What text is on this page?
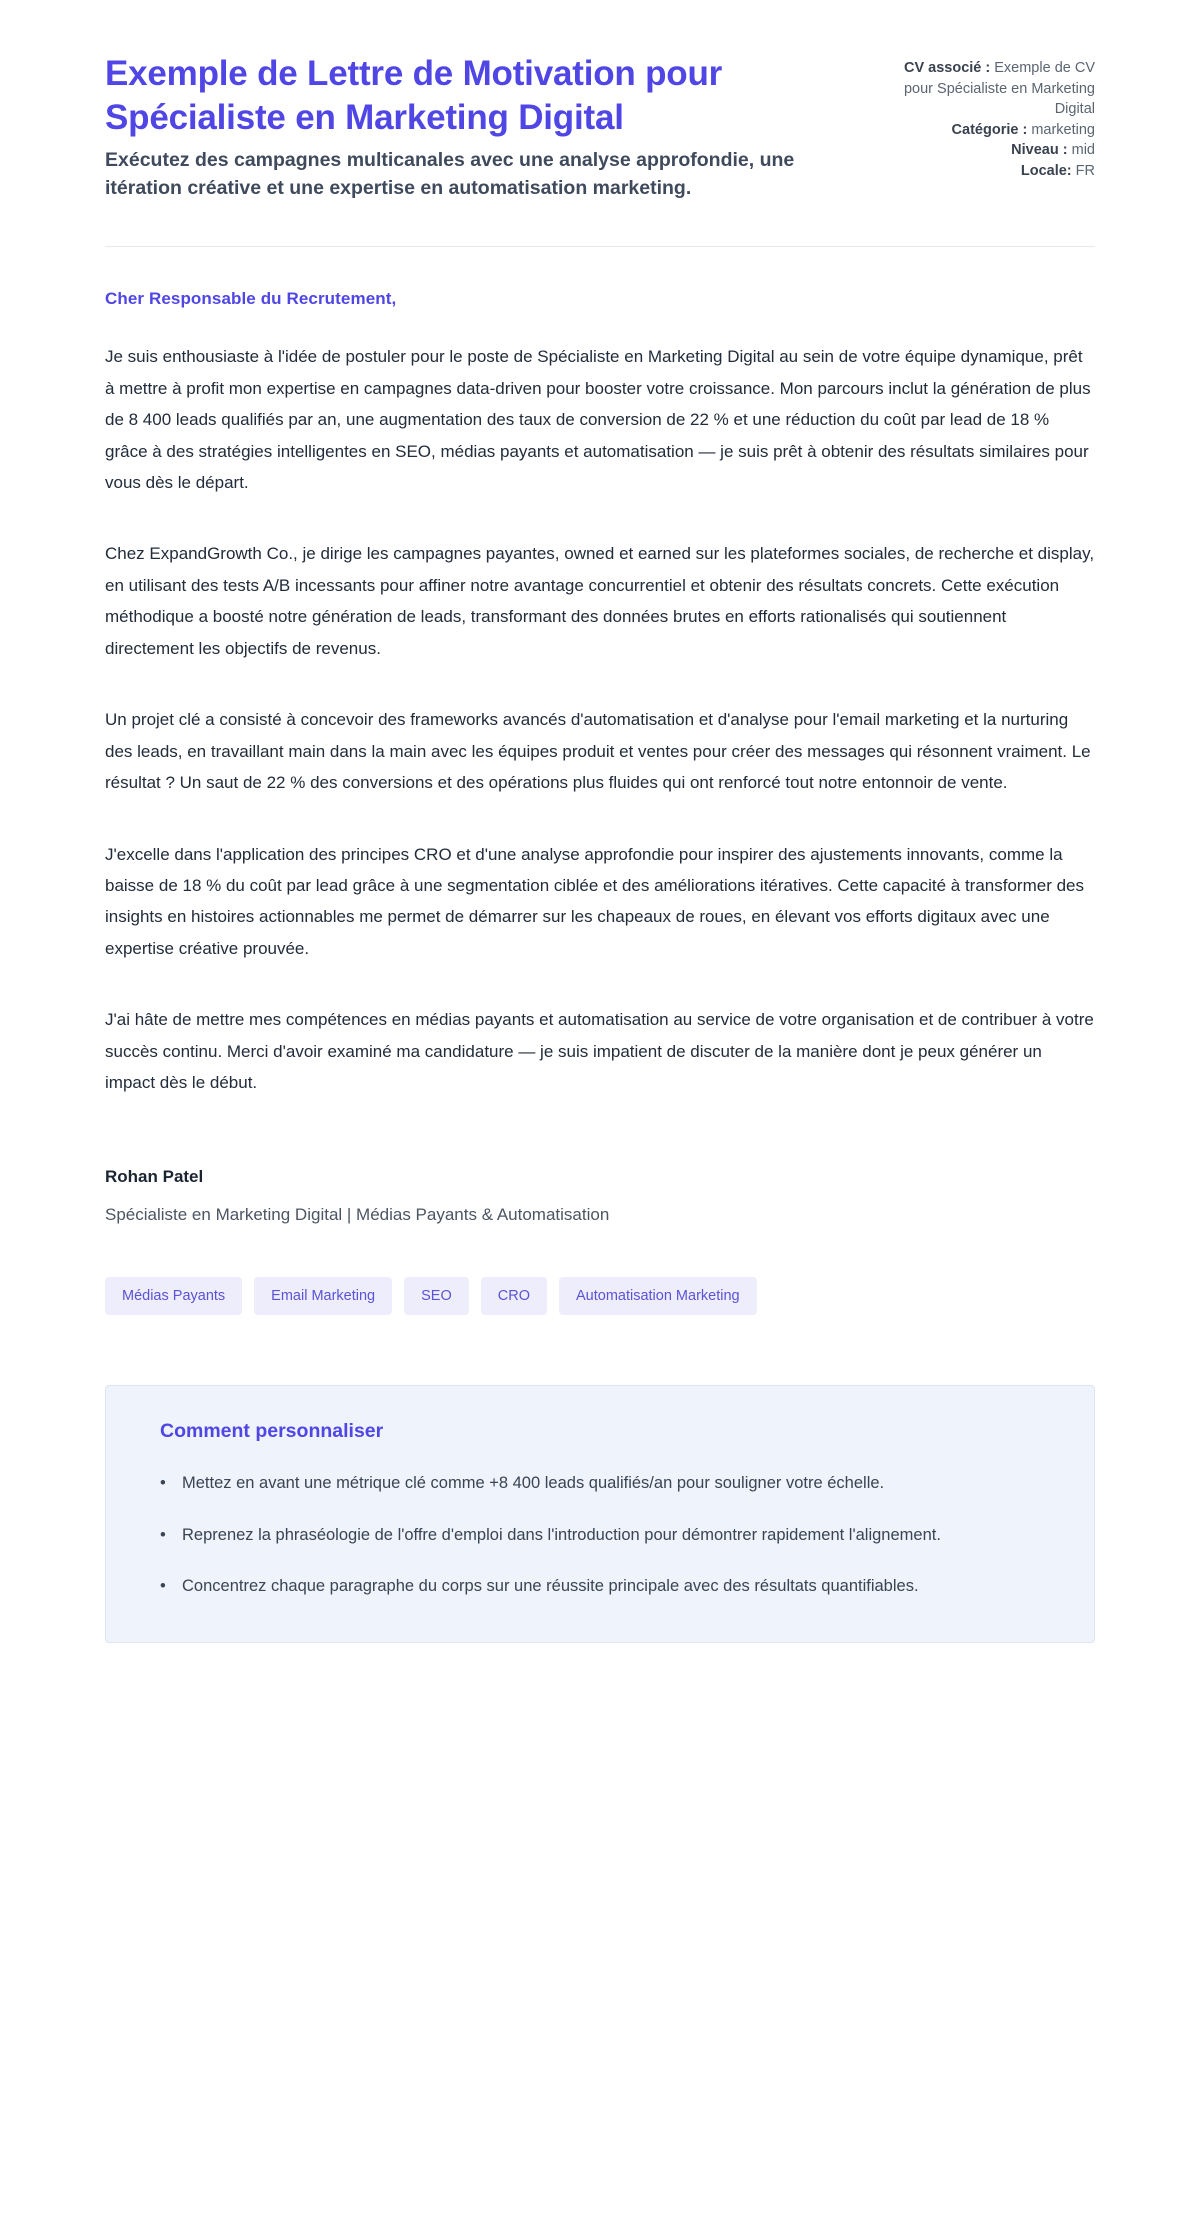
Exemple de Lettre de Motivation pour Spécialiste en Marketing Digital

Exécutez des campagnes multicanales avec une analyse approfondie, une itération créative et une expertise en automatisation marketing.

CV associé : Exemple de CV pour Spécialiste en Marketing Digital
Catégorie : marketing
Niveau : mid
Locale: FR

Cher Responsable du Recrutement,

Je suis enthousiaste à l'idée de postuler pour le poste de Spécialiste en Marketing Digital au sein de votre équipe dynamique, prêt à mettre à profit mon expertise en campagnes data-driven pour booster votre croissance. Mon parcours inclut la génération de plus de 8 400 leads qualifiés par an, une augmentation des taux de conversion de 22 % et une réduction du coût par lead de 18 % grâce à des stratégies intelligentes en SEO, médias payants et automatisation — je suis prêt à obtenir des résultats similaires pour vous dès le départ.

Chez ExpandGrowth Co., je dirige les campagnes payantes, owned et earned sur les plateformes sociales, de recherche et display, en utilisant des tests A/B incessants pour affiner notre avantage concurrentiel et obtenir des résultats concrets. Cette exécution méthodique a boosté notre génération de leads, transformant des données brutes en efforts rationalisés qui soutiennent directement les objectifs de revenus.

Un projet clé a consisté à concevoir des frameworks avancés d'automatisation et d'analyse pour l'email marketing et la nurturing des leads, en travaillant main dans la main avec les équipes produit et ventes pour créer des messages qui résonnent vraiment. Le résultat ? Un saut de 22 % des conversions et des opérations plus fluides qui ont renforcé tout notre entonnoir de vente.

J'excelle dans l'application des principes CRO et d'une analyse approfondie pour inspirer des ajustements innovants, comme la baisse de 18 % du coût par lead grâce à une segmentation ciblée et des améliorations itératives. Cette capacité à transformer des insights en histoires actionnables me permet de démarrer sur les chapeaux de roues, en élevant vos efforts digitaux avec une expertise créative prouvée.

J'ai hâte de mettre mes compétences en médias payants et automatisation au service de votre organisation et de contribuer à votre succès continu. Merci d'avoir examiné ma candidature — je suis impatient de discuter de la manière dont je peux générer un impact dès le début.

Rohan Patel

Spécialiste en Marketing Digital | Médias Payants & Automatisation

Médias Payants	Email Marketing	SEO	CRO	Automatisation Marketing

Comment personnaliser

• Mettez en avant une métrique clé comme +8 400 leads qualifiés/an pour souligner votre échelle.
• Reprenez la phraséologie de l'offre d'emploi dans l'introduction pour démontrer rapidement l'alignement.
• Concentrez chaque paragraphe du corps sur une réussite principale avec des résultats quantifiables.
